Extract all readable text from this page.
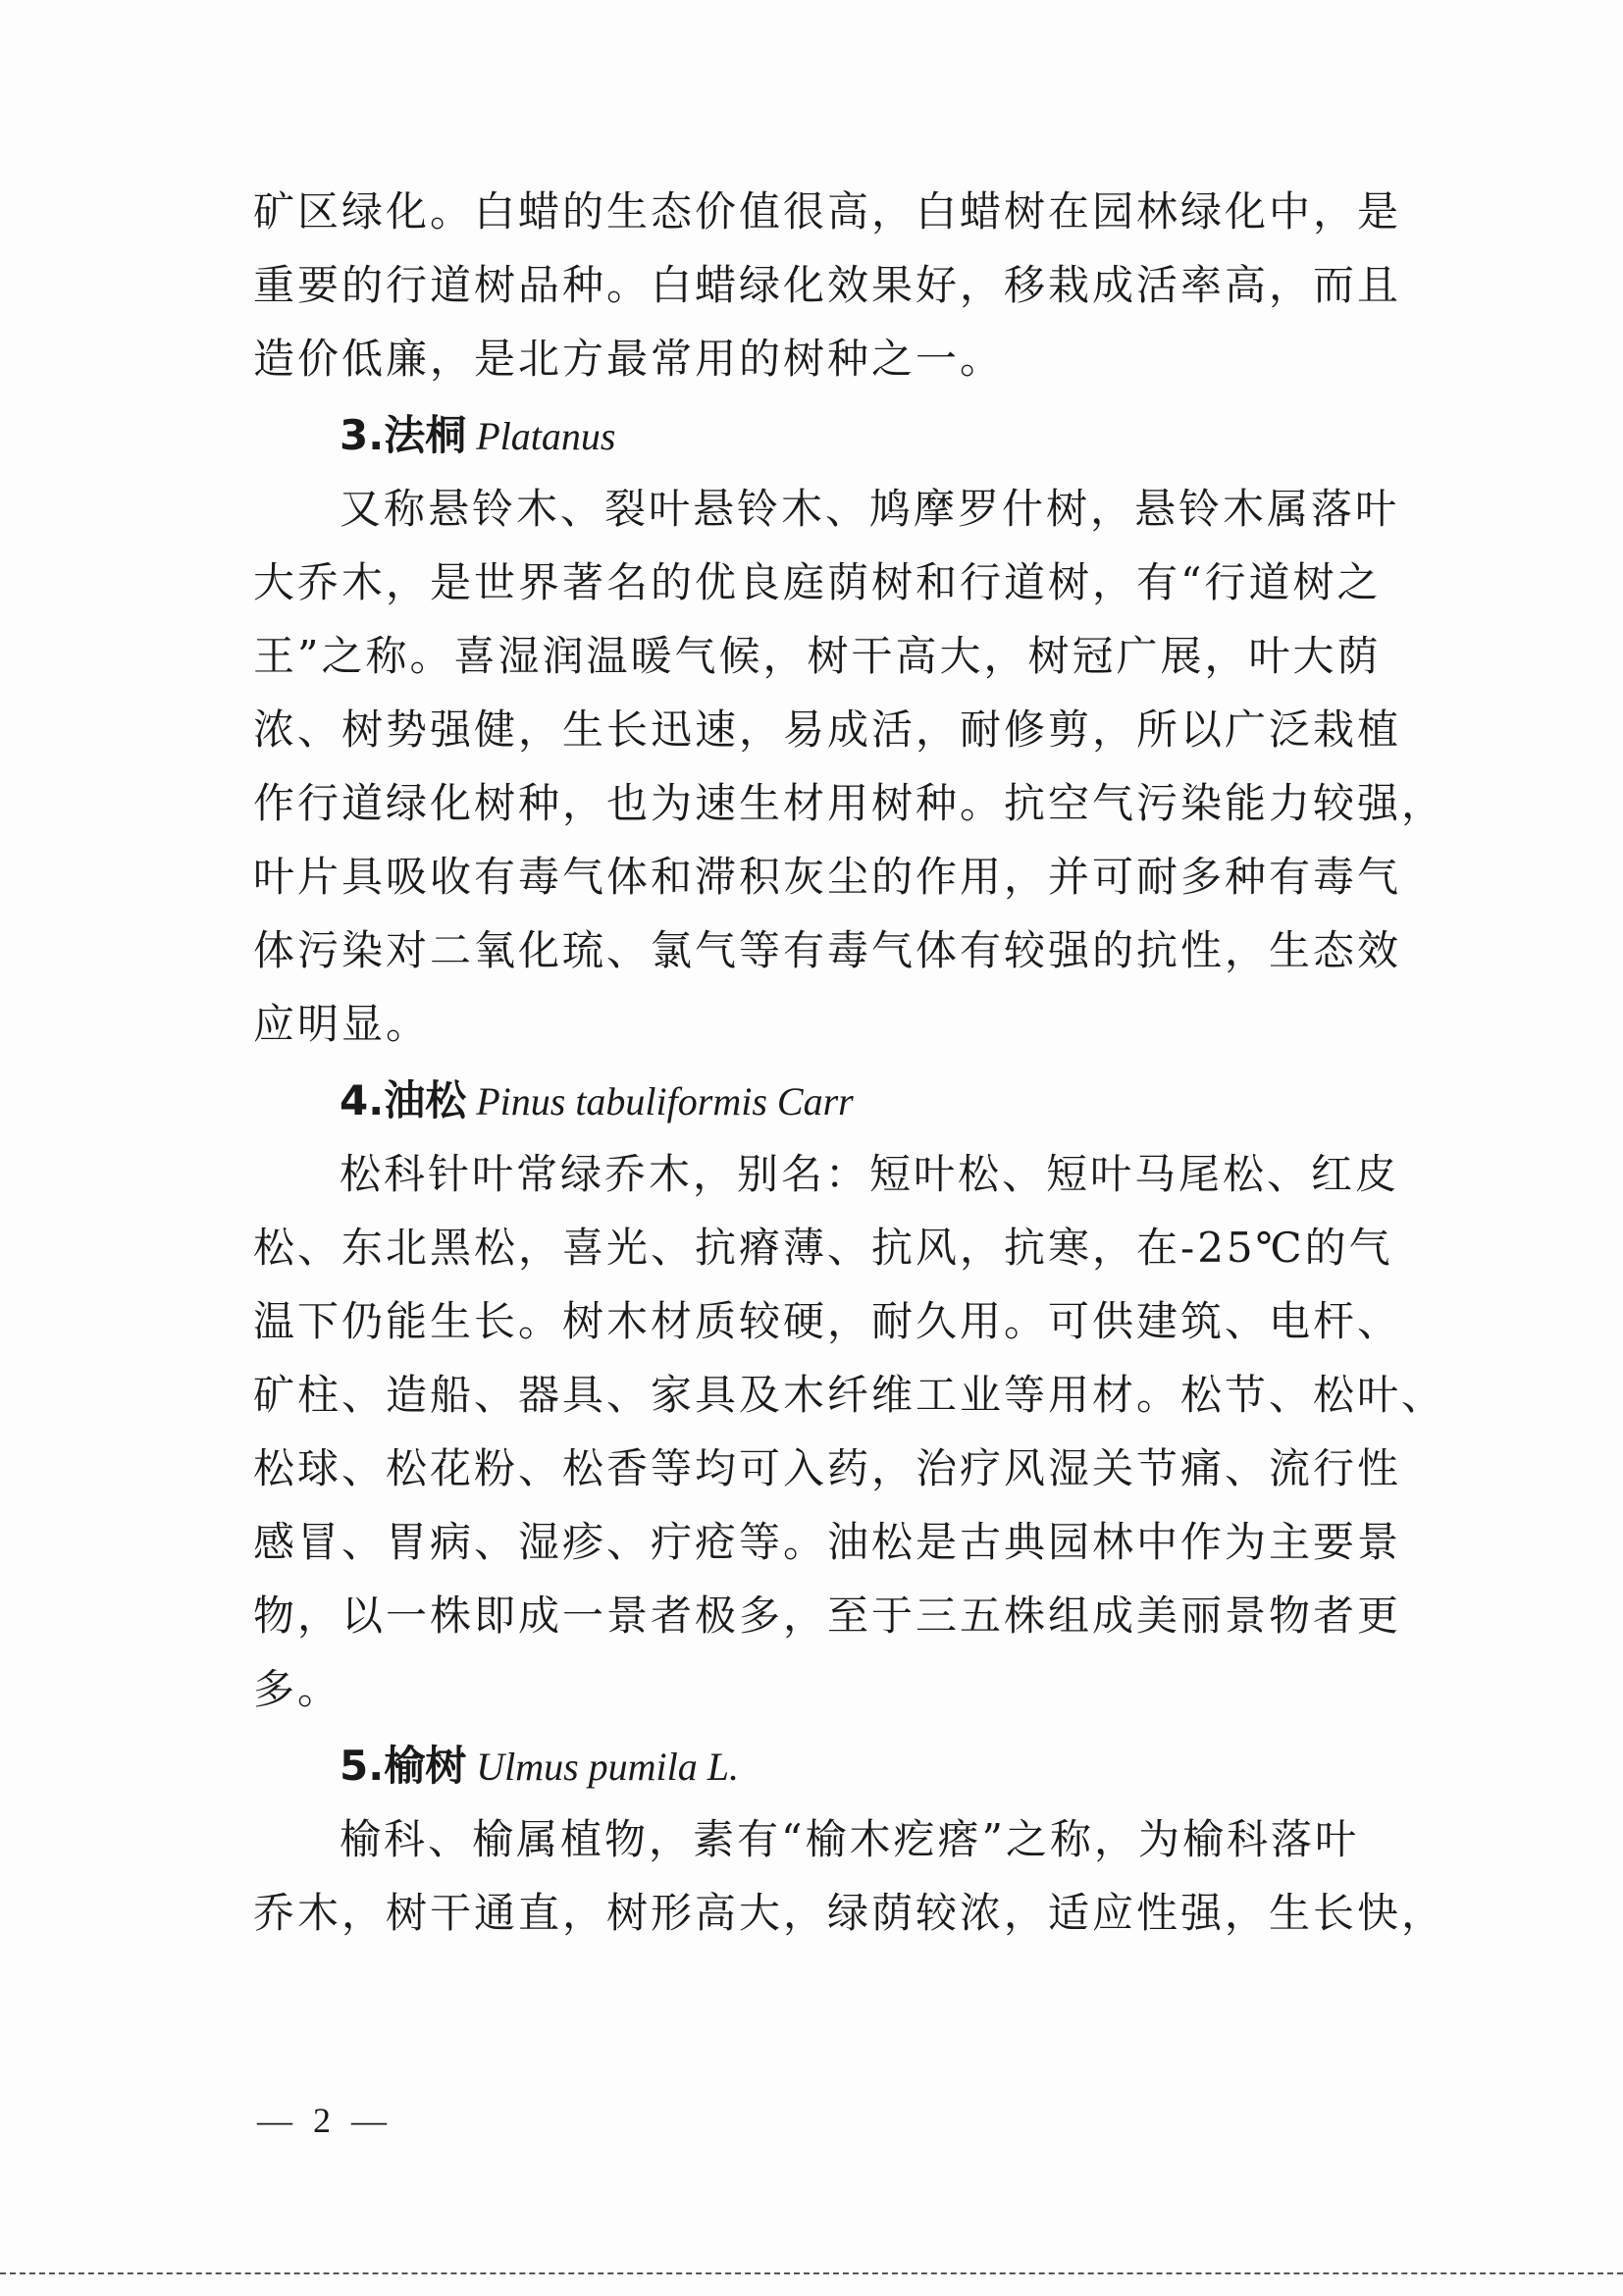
矿区绿化。白蜡的生态价值很高，白蜡树在园林绿化中，是
重要的行道树品种。白蜡绿化效果好，移栽成活率高，而且
造价低廉，是北方最常用的树种之一。
3.法桐 Platanus
又称悬铃木、裂叶悬铃木、鸠摩罗什树，悬铃木属落叶
大乔木，是世界著名的优良庭荫树和行道树，有“行道树之
王”之称。喜湿润温暖气候，树干高大，树冠广展，叶大荫
浓、树势强健，生长迅速，易成活，耐修剪，所以广泛栽植
作行道绿化树种，也为速生材用树种。抗空气污染能力较强，
叶片具吸收有毒气体和滞积灰尘的作用，并可耐多种有毒气
体污染对二氧化琉、氯气等有毒气体有较强的抗性，生态效
应明显。
4.油松 Pinus tabuliformis Carr
松科针叶常绿乔木，别名：短叶松、短叶马尾松、红皮
松、东北黑松，喜光、抗瘠薄、抗风，抗寒，在-25℃的气
温下仍能生长。树木材质较硬，耐久用。可供建筑、电杆、
矿柱、造船、器具、家具及木纤维工业等用材。松节、松叶、
松球、松花粉、松香等均可入药，治疗风湿关节痛、流行性
感冒、胃病、湿疹、疔疮等。油松是古典园林中作为主要景
物，以一株即成一景者极多，至于三五株组成美丽景物者更
多。
5.榆树 Ulmus pumila L.
榆科、榆属植物，素有“榆木疙瘩”之称，为榆科落叶
乔木，树干通直，树形高大，绿荫较浓，适应性强，生长快，
— 2 —
